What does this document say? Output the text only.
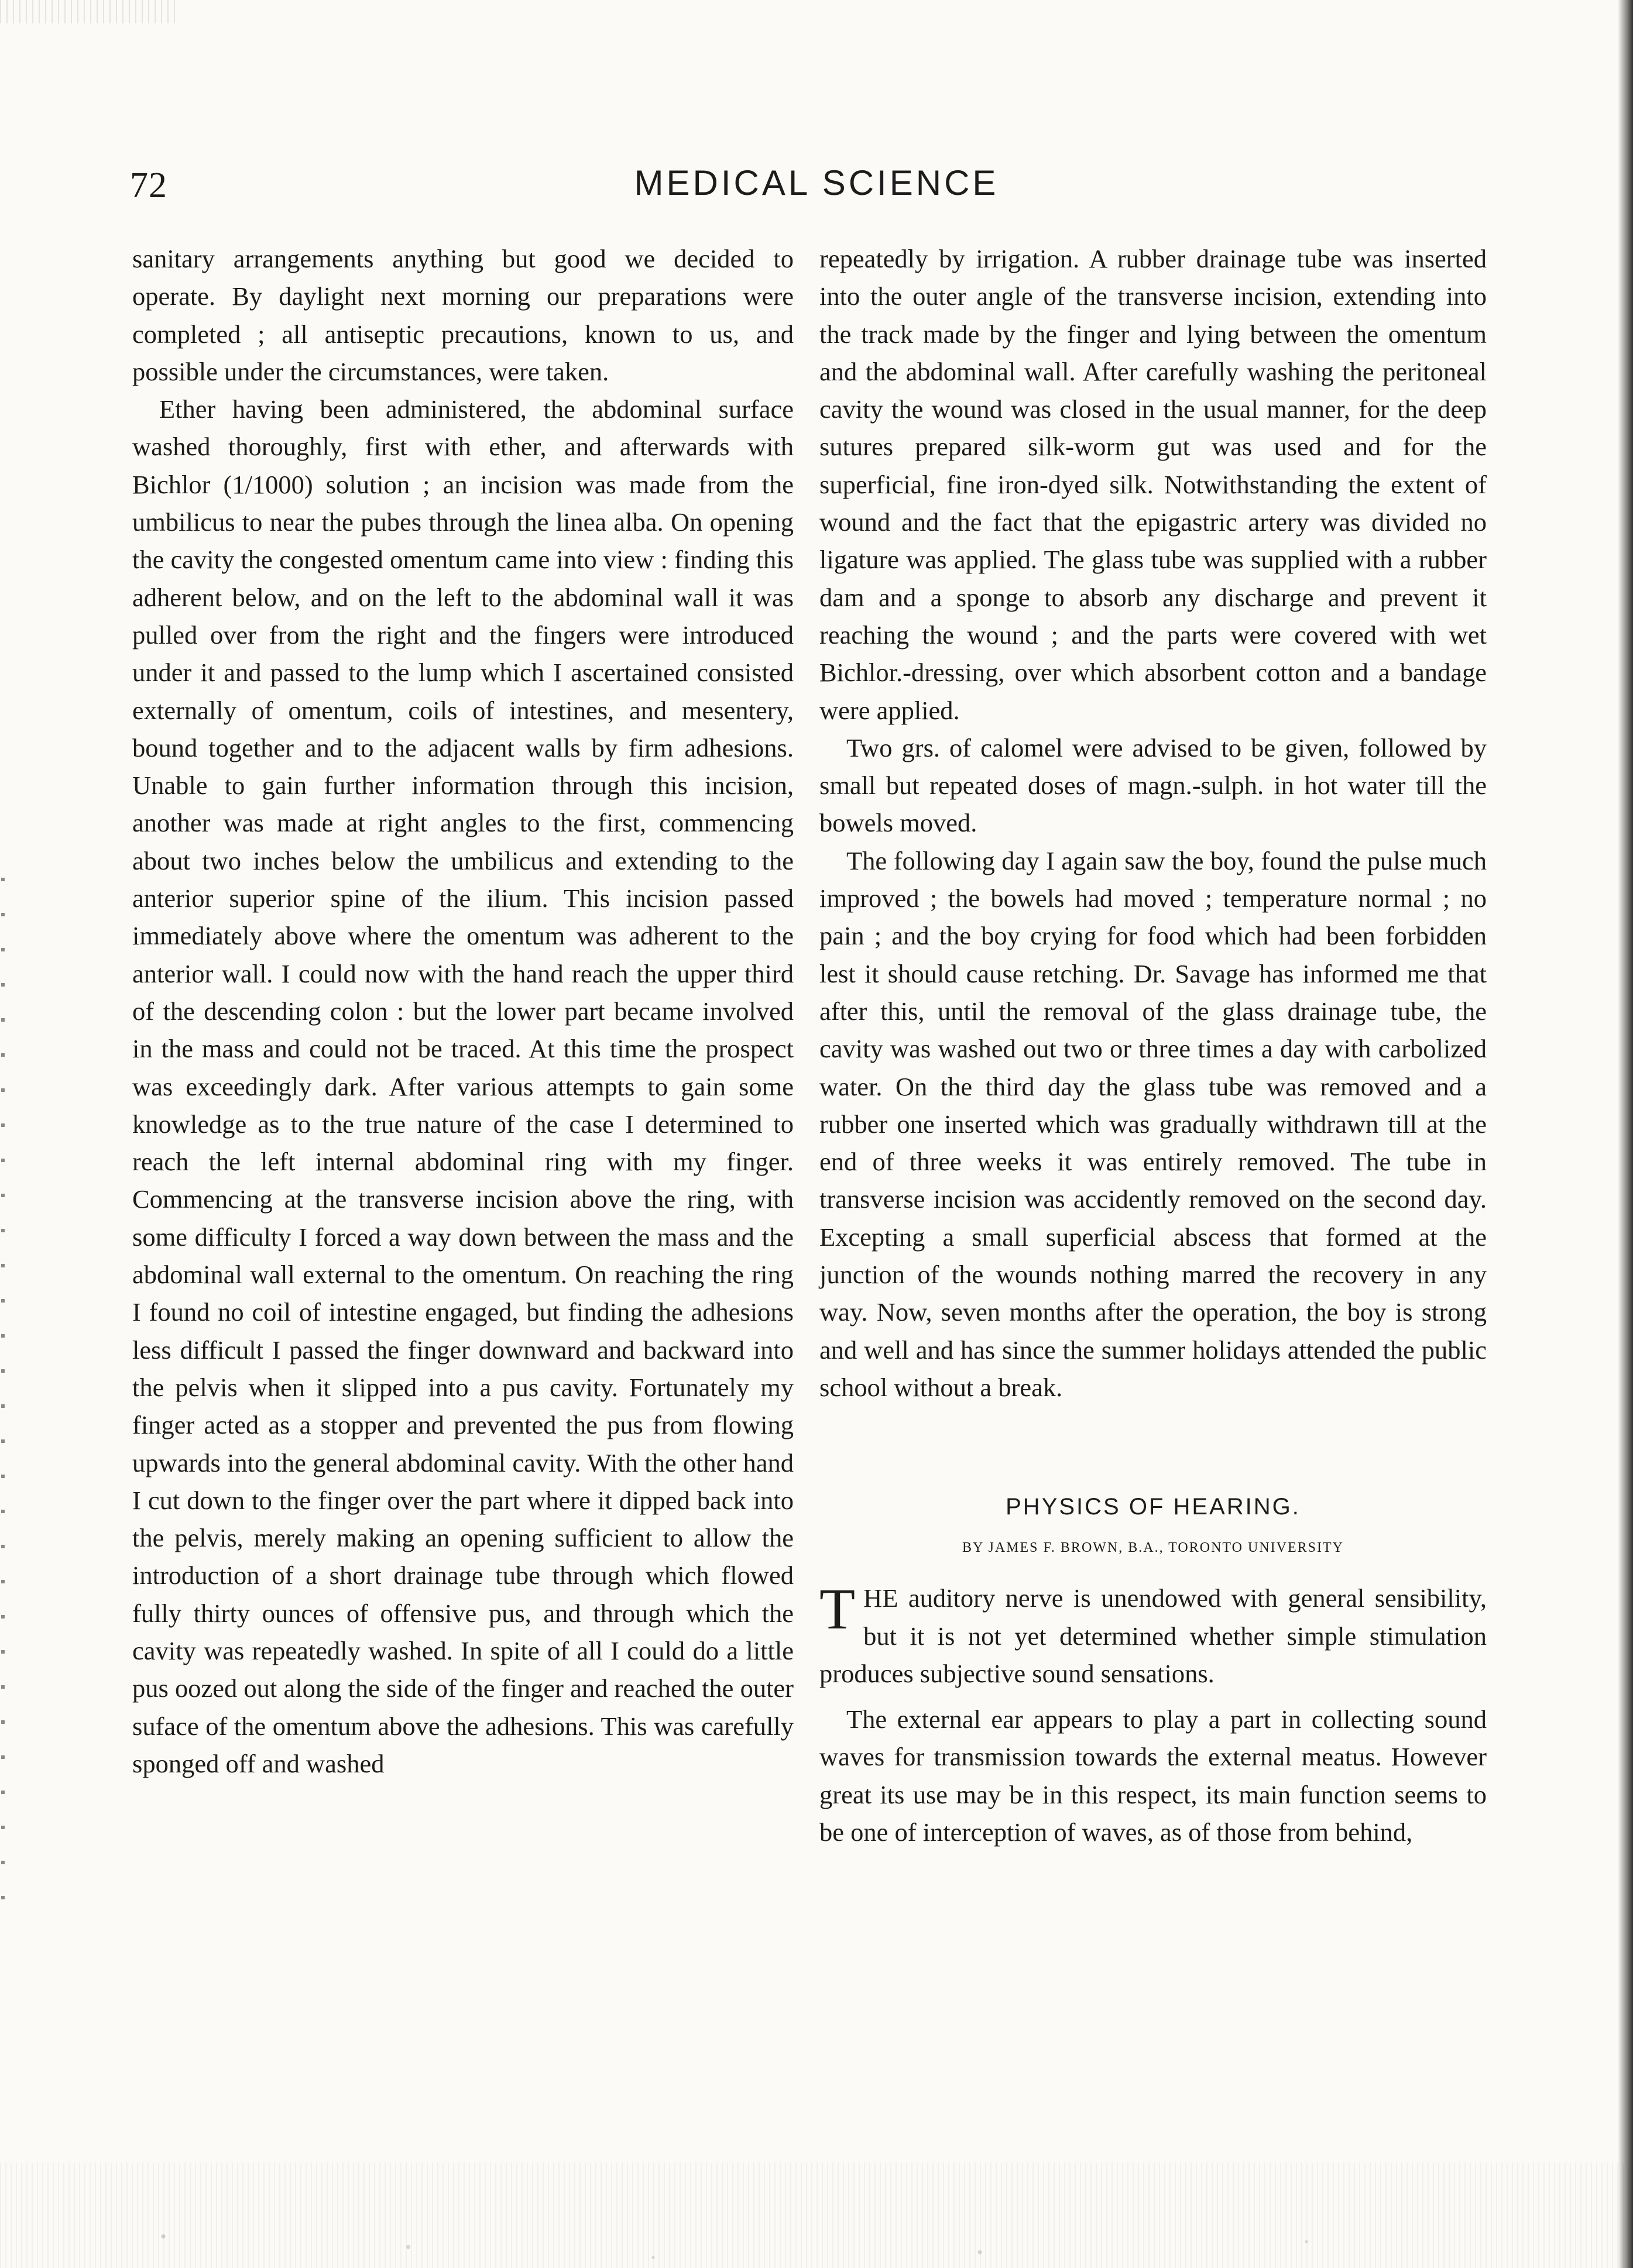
72	MEDICAL SCIENCE

sanitary arrangements anything but good we decided to operate. By daylight next morning our preparations were completed ; all antiseptic precautions, known to us, and possible under the circumstances, were taken.

Ether having been administered, the abdominal surface washed thoroughly, first with ether, and afterwards with Bichlor (1/1000) solution ; an incision was made from the umbilicus to near the pubes through the linea alba. On opening the cavity the congested omentum came into view : finding this adherent below, and on the left to the abdominal wall it was pulled over from the right and the fingers were introduced under it and passed to the lump which I ascertained consisted externally of omentum, coils of intestines, and mesentery, bound together and to the adjacent walls by firm adhesions. Unable to gain further information through this incision, another was made at right angles to the first, commencing about two inches below the umbilicus and extending to the anterior superior spine of the ilium. This incision passed immediately above where the omentum was adherent to the anterior wall. I could now with the hand reach the upper third of the descending colon : but the lower part became involved in the mass and could not be traced. At this time the prospect was exceedingly dark. After various attempts to gain some knowledge as to the true nature of the case I determined to reach the left internal abdominal ring with my finger. Commencing at the transverse incision above the ring, with some difficulty I forced a way down between the mass and the abdominal wall external to the omentum. On reaching the ring I found no coil of intestine engaged, but finding the adhesions less difficult I passed the finger downward and backward into the pelvis when it slipped into a pus cavity. Fortunately my finger acted as a stopper and prevented the pus from flowing upwards into the general abdominal cavity. With the other hand I cut down to the finger over the part where it dipped back into the pelvis, merely making an opening sufficient to allow the introduction of a short drainage tube through which flowed fully thirty ounces of offensive pus, and through which the cavity was repeatedly washed. In spite of all I could do a little pus oozed out along the side of the finger and reached the outer suface of the omentum above the adhesions. This was carefully sponged off and washed

repeatedly by irrigation. A rubber drainage tube was inserted into the outer angle of the transverse incision, extending into the track made by the finger and lying between the omentum and the abdominal wall. After carefully washing the peritoneal cavity the wound was closed in the usual manner, for the deep sutures prepared silk-worm gut was used and for the superficial, fine iron-dyed silk. Notwithstanding the extent of wound and the fact that the epigastric artery was divided no ligature was applied. The glass tube was supplied with a rubber dam and a sponge to absorb any discharge and prevent it reaching the wound ; and the parts were covered with wet Bichlor.-dressing, over which absorbent cotton and a bandage were applied.

Two grs. of calomel were advised to be given, followed by small but repeated doses of magn.-sulph. in hot water till the bowels moved.

The following day I again saw the boy, found the pulse much improved ; the bowels had moved ; temperature normal ; no pain ; and the boy crying for food which had been forbidden lest it should cause retching. Dr. Savage has informed me that after this, until the removal of the glass drainage tube, the cavity was washed out two or three times a day with carbolized water. On the third day the glass tube was removed and a rubber one inserted which was gradually withdrawn till at the end of three weeks it was entirely removed. The tube in transverse incision was accidently removed on the second day. Excepting a small superficial abscess that formed at the junction of the wounds nothing marred the recovery in any way. Now, seven months after the operation, the boy is strong and well and has since the summer holidays attended the public school without a break.

PHYSICS OF HEARING.
BY JAMES F. BROWN, B.A., TORONTO UNIVERSITY

THE auditory nerve is unendowed with general sensibility, but it is not yet determined whether simple stimulation produces subjective sound sensations.

The external ear appears to play a part in collecting sound waves for transmission towards the external meatus. However great its use may be in this respect, its main function seems to be one of interception of waves, as of those from behind,
